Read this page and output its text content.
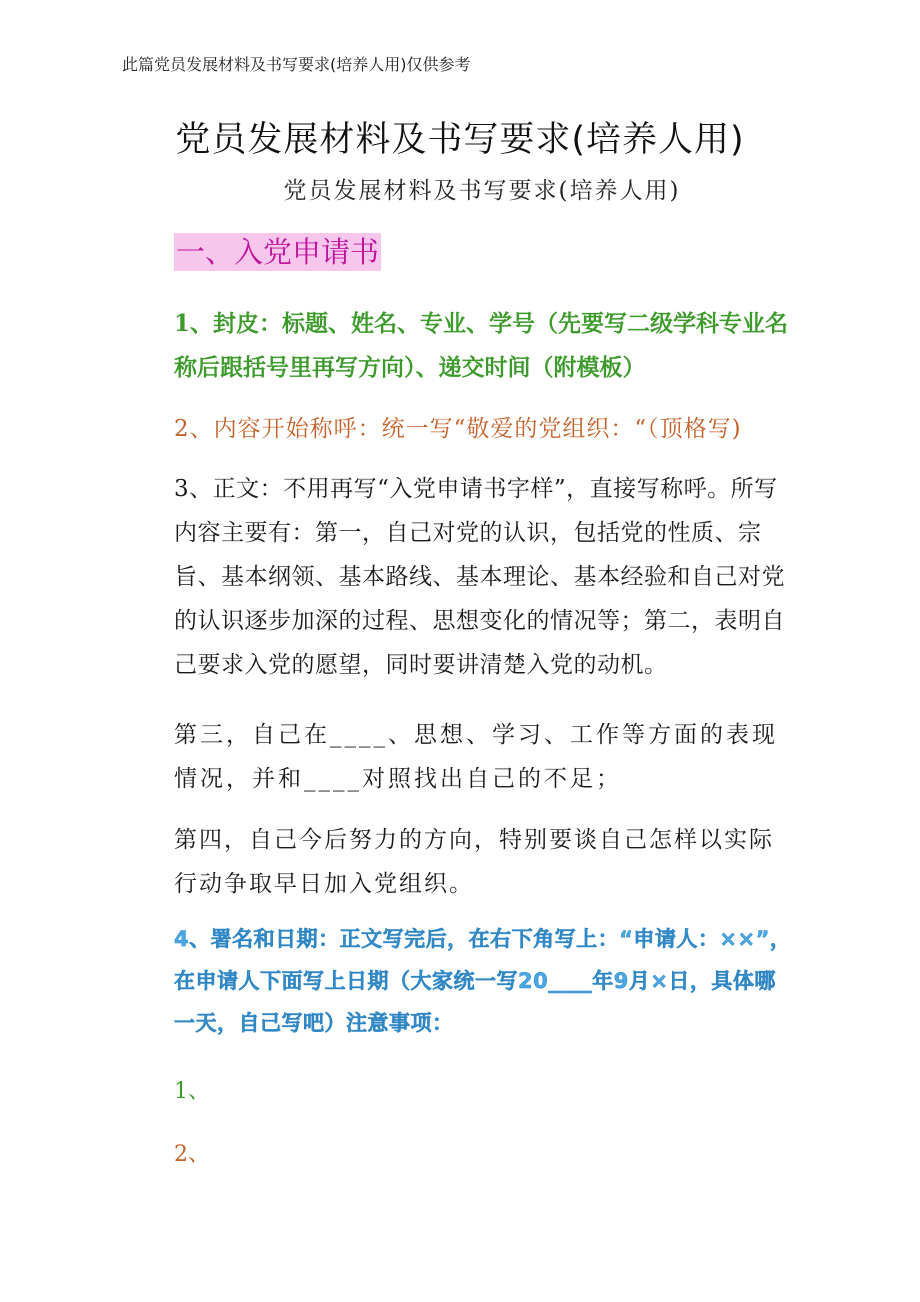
此篇党员发展材料及书写要求(培养人用)仅供参考

党员发展材料及书写要求(培养人用)
党员发展材料及书写要求(培养人用)
一、入党申请书

1、封皮：标题、姓名、专业、学号（先要写二级学科专业名称后跟括号里再写方向）、递交时间（附模板）

2、内容开始称呼：统一写“敬爱的党组织：“（顶格写)

3、正文：不用再写“入党申请书字样”，直接写称呼。所写内容主要有：第一，自己对党的认识，包括党的性质、宗旨、基本纲领、基本路线、基本理论、基本经验和自己对党的认识逐步加深的过程、思想变化的情况等；第二，表明自己要求入党的愿望，同时要讲清楚入党的动机。

第三，自己在____、思想、学习、工作等方面的表现情况，并和____对照找出自己的不足；

第四，自己今后努力的方向，特别要谈自己怎样以实际行动争取早日加入党组织。

4、署名和日期：正文写完后，在右下角写上：“申请人：××”，在申请人下面写上日期（大家统一写20____年9月×日，具体哪一天，自己写吧）注意事项：

1、

2、
